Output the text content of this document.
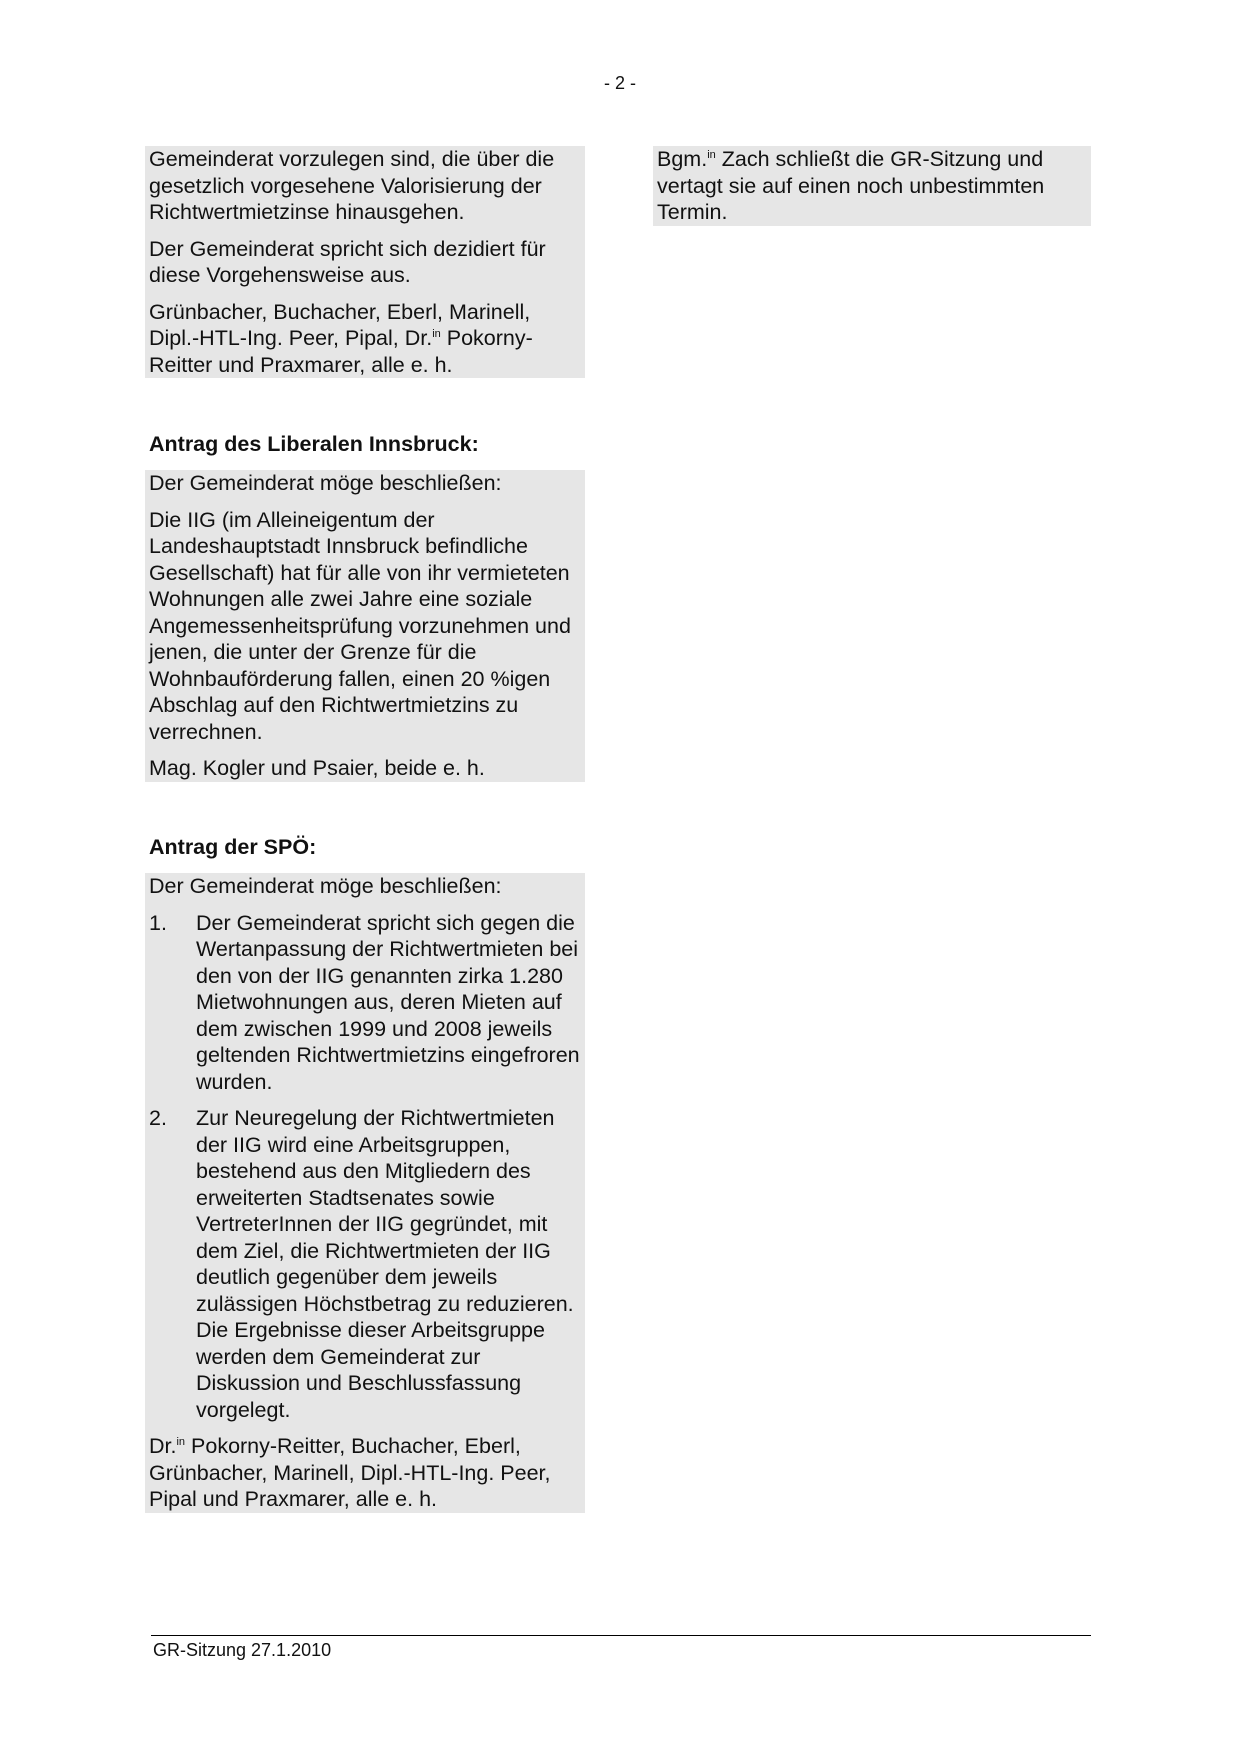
- 2 -

Gemeinderat vorzulegen sind, die über die gesetzlich vorgesehene Valorisierung der Richtwertmietzinse hinausgehen.

Der Gemeinderat spricht sich dezidiert für diese Vorgehensweise aus.

Grünbacher, Buchacher, Eberl, Marinell, Dipl.-HTL-Ing. Peer, Pipal, Dr.$^{in}$ Pokorny-Reitter und Praxmarer, alle e. h.

Antrag des Liberalen Innsbruck:

Der Gemeinderat möge beschließen:

Die IIG (im Alleineigentum der Landeshauptstadt Innsbruck befindliche Gesellschaft) hat für alle von ihr vermieteten Wohnungen alle zwei Jahre eine soziale Angemessenheitsprüfung vorzunehmen und jenen, die unter der Grenze für die Wohnbauförderung fallen, einen 20 %igen Abschlag auf den Richtwertmietzins zu verrechnen.

Mag. Kogler und Psaier, beide e. h.

Antrag der SPÖ:

Der Gemeinderat möge beschließen:

1.	Der Gemeinderat spricht sich gegen die Wertanpassung der Richtwertmieten bei den von der IIG genannten zirka 1.280 Mietwohnungen aus, deren Mieten auf dem zwischen 1999 und 2008 jeweils geltenden Richtwertmietzins eingefroren wurden.

2.	Zur Neuregelung der Richtwertmieten der IIG wird eine Arbeitsgruppen, bestehend aus den Mitgliedern des erweiterten Stadtsenates sowie VertreterInnen der IIG gegründet, mit dem Ziel, die Richtwertmieten der IIG deutlich gegenüber dem jeweils zulässigen Höchstbetrag zu reduzieren. Die Ergebnisse dieser Arbeitsgruppe werden dem Gemeinderat zur Diskussion und Beschlussfassung vorgelegt.

Dr.$^{in}$ Pokorny-Reitter, Buchacher, Eberl, Grünbacher, Marinell, Dipl.-HTL-Ing. Peer, Pipal und Praxmarer, alle e. h.

Bgm.$^{in}$ Zach schließt die GR-Sitzung und vertagt sie auf einen noch unbestimmten Termin.

GR-Sitzung 27.1.2010
